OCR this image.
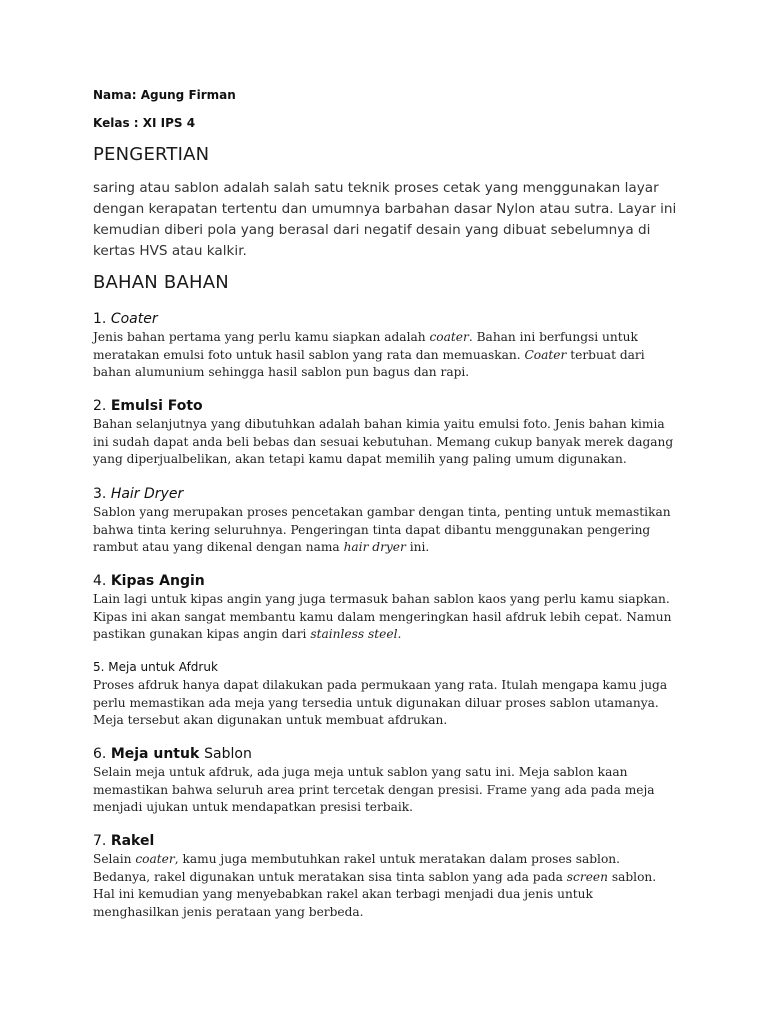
Nama: Agung Firman
Kelas : XI IPS 4
PENGERTIAN
saring atau sablon adalah salah satu teknik proses cetak yang menggunakan layar
dengan kerapatan tertentu dan umumnya barbahan dasar Nylon atau sutra. Layar ini
kemudian diberi pola yang berasal dari negatif desain yang dibuat sebelumnya di
kertas HVS atau kalkir.
BAHAN BAHAN
1. Coater
Jenis bahan pertama yang perlu kamu siapkan adalah coater. Bahan ini berfungsi untuk
meratakan emulsi foto untuk hasil sablon yang rata dan memuaskan. Coater terbuat dari
bahan alumunium sehingga hasil sablon pun bagus dan rapi.
2. Emulsi Foto
Bahan selanjutnya yang dibutuhkan adalah bahan kimia yaitu emulsi foto. Jenis bahan kimia
ini sudah dapat anda beli bebas dan sesuai kebutuhan. Memang cukup banyak merek dagang
yang diperjualbelikan, akan tetapi kamu dapat memilih yang paling umum digunakan.
3. Hair Dryer
Sablon yang merupakan proses pencetakan gambar dengan tinta, penting untuk memastikan
bahwa tinta kering seluruhnya. Pengeringan tinta dapat dibantu menggunakan pengering
rambut atau yang dikenal dengan nama hair dryer ini.
4. Kipas Angin
Lain lagi untuk kipas angin yang juga termasuk bahan sablon kaos yang perlu kamu siapkan.
Kipas ini akan sangat membantu kamu dalam mengeringkan hasil afdruk lebih cepat. Namun
pastikan gunakan kipas angin dari stainless steel.
5. Meja untuk Afdruk
Proses afdruk hanya dapat dilakukan pada permukaan yang rata. Itulah mengapa kamu juga
perlu memastikan ada meja yang tersedia untuk digunakan diluar proses sablon utamanya.
Meja tersebut akan digunakan untuk membuat afdrukan.
6. Meja untuk Sablon
Selain meja untuk afdruk, ada juga meja untuk sablon yang satu ini. Meja sablon kaan
memastikan bahwa seluruh area print tercetak dengan presisi. Frame yang ada pada meja
menjadi ujukan untuk mendapatkan presisi terbaik.
7. Rakel
Selain coater, kamu juga membutuhkan rakel untuk meratakan dalam proses sablon.
Bedanya, rakel digunakan untuk meratakan sisa tinta sablon yang ada pada screen sablon.
Hal ini kemudian yang menyebabkan rakel akan terbagi menjadi dua jenis untuk
menghasilkan jenis perataan yang berbeda.
